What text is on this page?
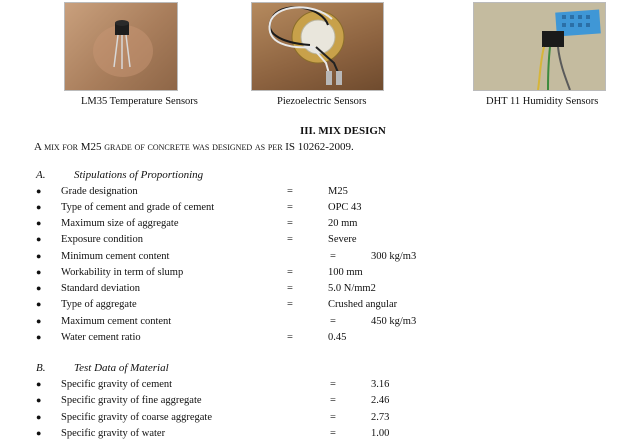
LM35 Temperature Sensors	Piezoelectric Sensors	DHT 11 Humidity Sensors
III. MIX DESIGN
A mix for M25 grade of concrete was designed as per IS 10262-2009.
A.	Stipulations of Proportioning
● Grade designation	=	M25
● Type of cement and grade of cement	=	OPC 43
● Maximum size of aggregate	=	20 mm
● Exposure condition	=	Severe
● Minimum cement content	=	300 kg/m3
● Workability in term of slump	=	100 mm
● Standard deviation	=	5.0 N/mm2
● Type of aggregate	=	Crushed angular
● Maximum cement content	=	450 kg/m3
● Water cement ratio	=	0.45
B.	Test Data of Material
● Specific gravity of cement	=	3.16
● Specific gravity of fine aggregate	=	2.46
● Specific gravity of coarse aggregate	=	2.73
● Specific gravity of water	=	1.00
